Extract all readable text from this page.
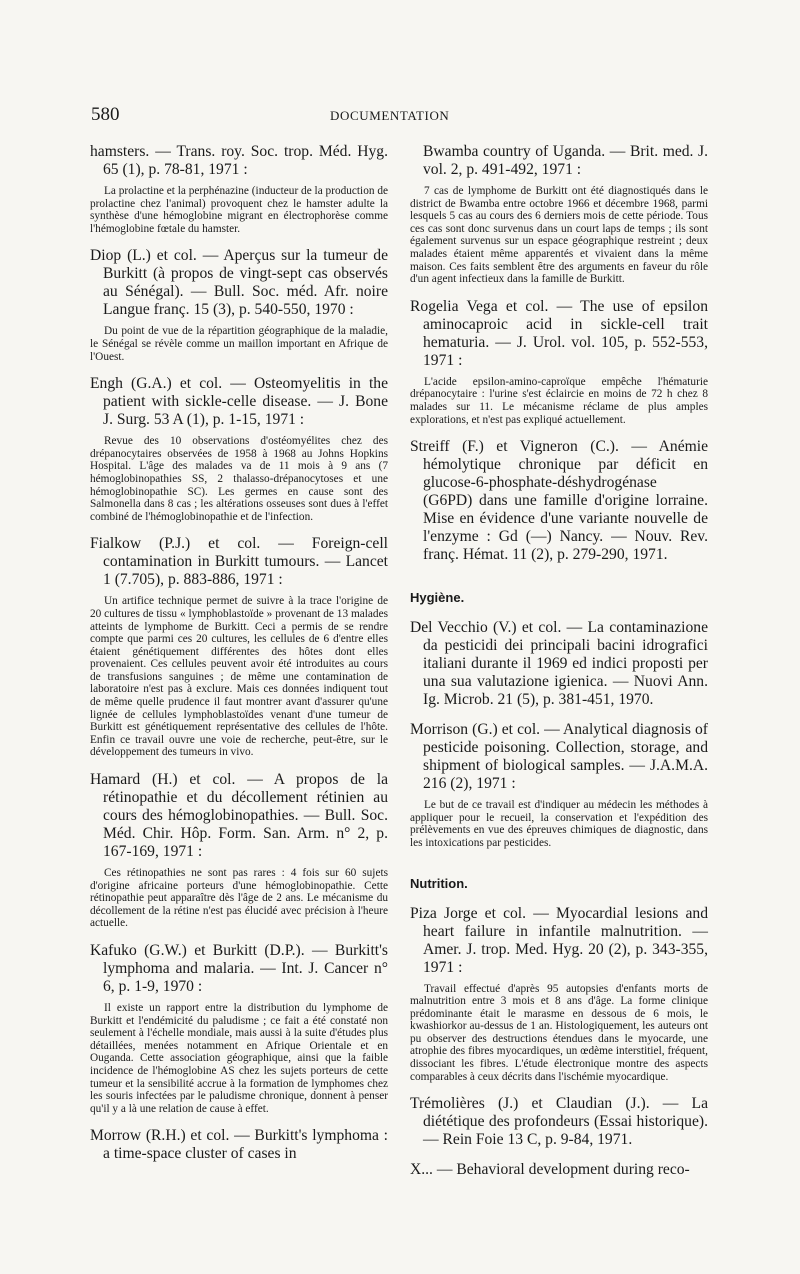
580	DOCUMENTATION

hamsters. — Trans. roy. Soc. trop. Méd. Hyg. 65 (1), p. 78-81, 1971 :

La prolactine et la perphénazine (inducteur de la production de prolactine chez l'animal) provoquent chez le hamster adulte la synthèse d'une hémoglobine migrant en électrophorèse comme l'hémoglobine fœtale du hamster.

Diop (L.) et col. — Aperçus sur la tumeur de Burkitt (à propos de vingt-sept cas observés au Sénégal). — Bull. Soc. méd. Afr. noire Langue franç. 15 (3), p. 540-550, 1970 :

Du point de vue de la répartition géographique de la maladie, le Sénégal se révèle comme un maillon important en Afrique de l'Ouest.

Engh (G.A.) et col. — Osteomyelitis in the patient with sickle-celle disease. — J. Bone J. Surg. 53 A (1), p. 1-15, 1971 :

Revue des 10 observations d'ostéomyélites chez des drépanocytaires observées de 1958 à 1968 au Johns Hopkins Hospital. L'âge des malades va de 11 mois à 9 ans (7 hémoglobinopathies SS, 2 thalasso-drépanocytoses et une hémoglobinopathie SC). Les germes en cause sont des Salmonella dans 8 cas ; les altérations osseuses sont dues à l'effet combiné de l'hémoglobinopathie et de l'infection.

Fialkow (P.J.) et col. — Foreign-cell contamination in Burkitt tumours. — Lancet 1 (7.705), p. 883-886, 1971 :

Un artifice technique permet de suivre à la trace l'origine de 20 cultures de tissu « lymphoblastoïde » provenant de 13 malades atteints de lymphome de Burkitt. Ceci a permis de se rendre compte que parmi ces 20 cultures, les cellules de 6 d'entre elles étaient génétiquement différentes des hôtes dont elles provenaient. Ces cellules peuvent avoir été introduites au cours de transfusions sanguines ; de même une contamination de laboratoire n'est pas à exclure. Mais ces données indiquent tout de même quelle prudence il faut montrer avant d'assurer qu'une lignée de cellules lymphoblastoïdes venant d'une tumeur de Burkitt est génétiquement représentative des cellules de l'hôte. Enfin ce travail ouvre une voie de recherche, peut-être, sur le développement des tumeurs in vivo.

Hamard (H.) et col. — A propos de la rétinopathie et du décollement rétinien au cours des hémoglobinopathies. — Bull. Soc. Méd. Chir. Hôp. Form. San. Arm. n° 2, p. 167-169, 1971 :

Ces rétinopathies ne sont pas rares : 4 fois sur 60 sujets d'origine africaine porteurs d'une hémoglobinopathie. Cette rétinopathie peut apparaître dès l'âge de 2 ans. Le mécanisme du décollement de la rétine n'est pas élucidé avec précision à l'heure actuelle.

Kafuko (G.W.) et Burkitt (D.P.). — Burkitt's lymphoma and malaria. — Int. J. Cancer n° 6, p. 1-9, 1970 :

Il existe un rapport entre la distribution du lymphome de Burkitt et l'endémicité du paludisme ; ce fait a été constaté non seulement à l'échelle mondiale, mais aussi à la suite d'études plus détaillées, menées notamment en Afrique Orientale et en Ouganda. Cette association géographique, ainsi que la faible incidence de l'hémoglobine AS chez les sujets porteurs de cette tumeur et la sensibilité accrue à la formation de lymphomes chez les souris infectées par le paludisme chronique, donnent à penser qu'il y a là une relation de cause à effet.

Morrow (R.H.) et col. — Burkitt's lymphoma : a time-space cluster of cases in

Bwamba country of Uganda. — Brit. med. J. vol. 2, p. 491-492, 1971 :

7 cas de lymphome de Burkitt ont été diagnostiqués dans le district de Bwamba entre octobre 1966 et décembre 1968, parmi lesquels 5 cas au cours des 6 derniers mois de cette période. Tous ces cas sont donc survenus dans un court laps de temps ; ils sont également survenus sur un espace géographique restreint ; deux malades étaient même apparentés et vivaient dans la même maison. Ces faits semblent être des arguments en faveur du rôle d'un agent infectieux dans la famille de Burkitt.

Rogelia Vega et col. — The use of epsilon aminocaproic acid in sickle-cell trait hematuria. — J. Urol. vol. 105, p. 552-553, 1971 :

L'acide epsilon-amino-caproïque empêche l'hématurie drépanocytaire : l'urine s'est éclaircie en moins de 72 h chez 8 malades sur 11. Le mécanisme réclame de plus amples explorations, et n'est pas expliqué actuellement.

Streiff (F.) et Vigneron (C.). — Anémie hémolytique chronique par déficit en glucose-6-phosphate-déshydrogénase (G6PD) dans une famille d'origine lorraine. Mise en évidence d'une variante nouvelle de l'enzyme : Gd (—) Nancy. — Nouv. Rev. franç. Hémat. 11 (2), p. 279-290, 1971.

Hygiène.

Del Vecchio (V.) et col. — La contaminazione da pesticidi dei principali bacini idrografici italiani durante il 1969 ed indici proposti per una sua valutazione igienica. — Nuovi Ann. Ig. Microb. 21 (5), p. 381-451, 1970.

Morrison (G.) et col. — Analytical diagnosis of pesticide poisoning. Collection, storage, and shipment of biological samples. — J.A.M.A. 216 (2), 1971 :

Le but de ce travail est d'indiquer au médecin les méthodes à appliquer pour le recueil, la conservation et l'expédition des prélèvements en vue des épreuves chimiques de diagnostic, dans les intoxications par pesticides.

Nutrition.

Piza Jorge et col. — Myocardial lesions and heart failure in infantile malnutrition. — Amer. J. trop. Med. Hyg. 20 (2), p. 343-355, 1971 :

Travail effectué d'après 95 autopsies d'enfants morts de malnutrition entre 3 mois et 8 ans d'âge. La forme clinique prédominante était le marasme en dessous de 6 mois, le kwashiorkor au-dessus de 1 an. Histologiquement, les auteurs ont pu observer des destructions étendues dans le myocarde, une atrophie des fibres myocardiques, un œdème interstitiel, fréquent, dissociant les fibres. L'étude électronique montre des aspects comparables à ceux décrits dans l'ischémie myocardique.

Trémolières (J.) et Claudian (J.). — La diététique des profondeurs (Essai historique). — Rein Foie 13 C, p. 9-84, 1971.

X... — Behavioral development during reco-
